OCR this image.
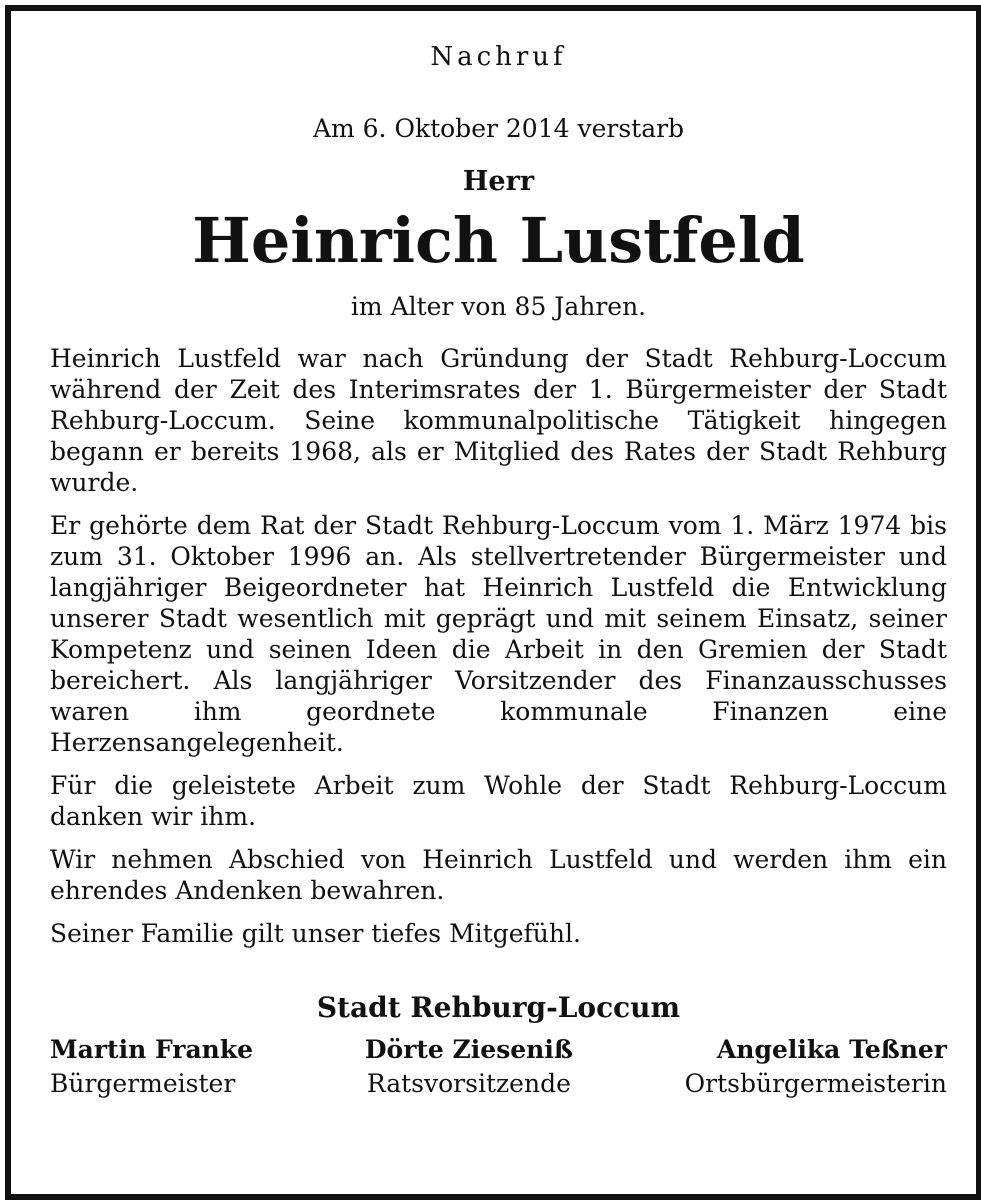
Nachruf
Am 6. Oktober 2014 verstarb
Herr
Heinrich Lustfeld
im Alter von 85 Jahren.

Heinrich Lustfeld war nach Gründung der Stadt Rehburg-Loccum während der Zeit des Interimsrates der 1. Bürgermeister der Stadt Rehburg-Loccum. Seine kommunalpolitische Tätigkeit hingegen begann er bereits 1968, als er Mitglied des Rates der Stadt Rehburg wurde.

Er gehörte dem Rat der Stadt Rehburg-Loccum vom 1. März 1974 bis zum 31. Oktober 1996 an. Als stellvertretender Bürgermeister und langjähriger Beigeordneter hat Heinrich Lustfeld die Entwicklung unserer Stadt wesentlich mit geprägt und mit seinem Einsatz, seiner Kompetenz und seinen Ideen die Arbeit in den Gremien der Stadt bereichert. Als langjähriger Vorsitzender des Finanzausschusses waren ihm geordnete kommunale Finanzen eine Herzensangelegenheit.

Für die geleistete Arbeit zum Wohle der Stadt Rehburg-Loccum danken wir ihm.

Wir nehmen Abschied von Heinrich Lustfeld und werden ihm ein ehrendes Andenken bewahren.

Seiner Familie gilt unser tiefes Mitgefühl.

Stadt Rehburg-Loccum
Martin Franke
Bürgermeister
Dörte Zieseniß
Ratsvorsitzende
Angelika Teßner
Ortsbürgermeisterin
